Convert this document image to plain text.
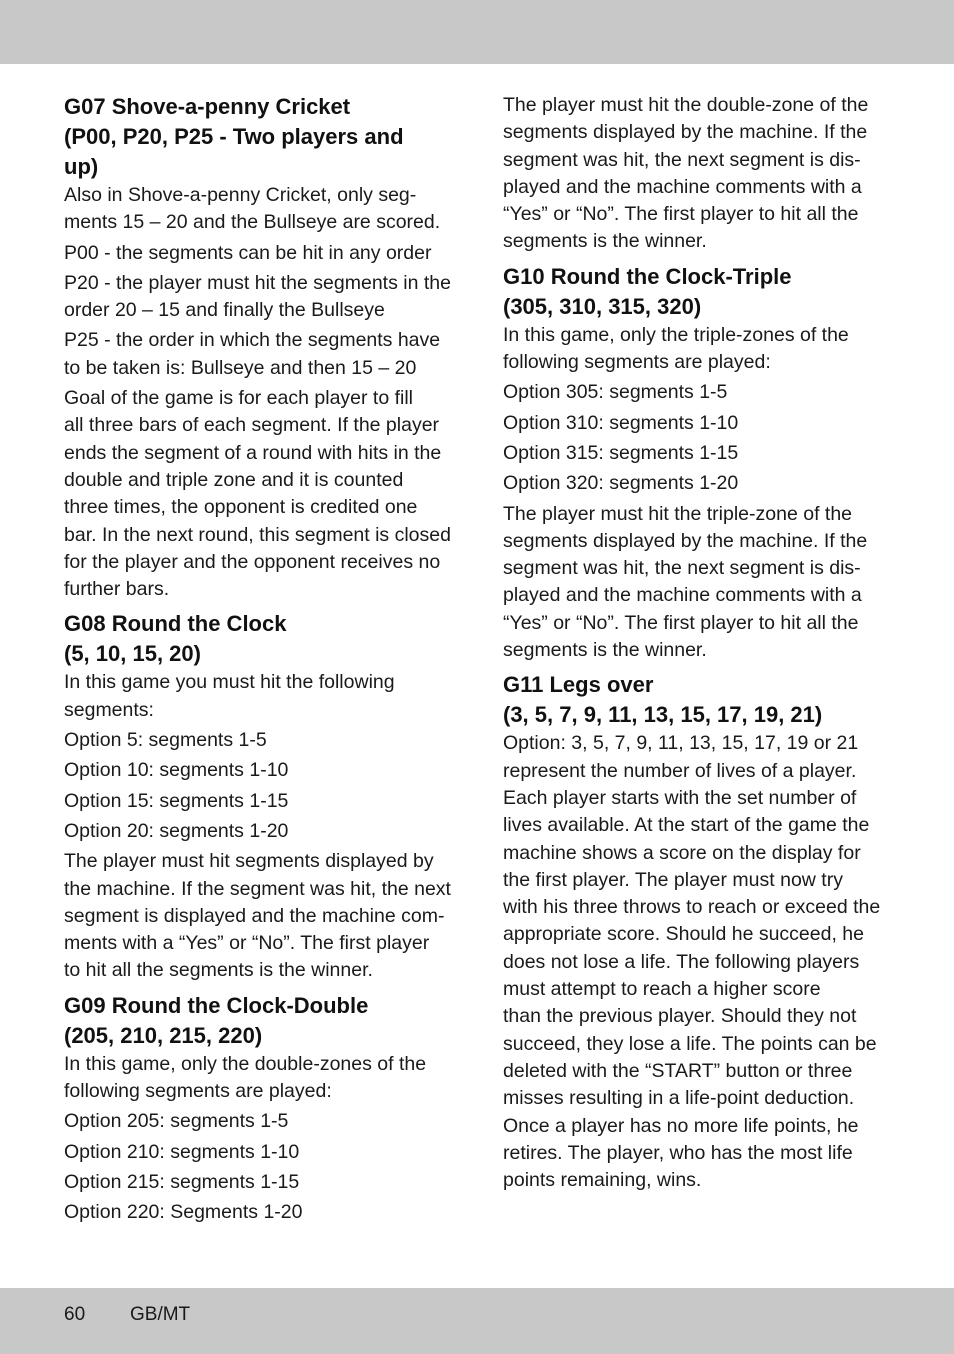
G07 Shove-a-penny Cricket
(P00, P20, P25 - Two players and
up)

Also in Shove-a-penny Cricket, only seg-
ments 15 – 20 and the Bullseye are scored.

P00 - the segments can be hit in any order

P20 - the player must hit the segments in the
order 20 – 15 and finally the Bullseye

P25 - the order in which the segments have
to be taken is: Bullseye and then 15 – 20

Goal of the game is for each player to fill
all three bars of each segment. If the player
ends the segment of a round with hits in the
double and triple zone and it is counted
three times, the opponent is credited one
bar. In the next round, this segment is closed
for the player and the opponent receives no
further bars.

G08 Round the Clock
(5, 10, 15, 20)

In this game you must hit the following
segments:

Option 5: segments 1-5

Option 10: segments 1-10

Option 15: segments 1-15

Option 20: segments 1-20

The player must hit segments displayed by
the machine. If the segment was hit, the next
segment is displayed and the machine com-
ments with a “Yes” or “No”. The first player
to hit all the segments is the winner.

G09 Round the Clock-Double
(205, 210, 215, 220)

In this game, only the double-zones of the
following segments are played:

Option 205: segments 1-5

Option 210: segments 1-10

Option 215: segments 1-15

Option 220: Segments 1-20

The player must hit the double-zone of the
segments displayed by the machine. If the
segment was hit, the next segment is dis-
played and the machine comments with a
“Yes” or “No”. The first player to hit all the
segments is the winner.

G10 Round the Clock-Triple
(305, 310, 315, 320)

In this game, only the triple-zones of the
following segments are played:

Option 305: segments 1-5

Option 310: segments 1-10

Option 315: segments 1-15

Option 320: segments 1-20

The player must hit the triple-zone of the
segments displayed by the machine. If the
segment was hit, the next segment is dis-
played and the machine comments with a
“Yes” or “No”. The first player to hit all the
segments is the winner.

G11 Legs over
(3, 5, 7, 9, 11, 13, 15, 17, 19, 21)

Option: 3, 5, 7, 9, 11, 13, 15, 17, 19 or 21
represent the number of lives of a player.
Each player starts with the set number of
lives available. At the start of the game the
machine shows a score on the display for
the first player. The player must now try
with his three throws to reach or exceed the
appropriate score. Should he succeed, he
does not lose a life. The following players
must attempt to reach a higher score
than the previous player. Should they not
succeed, they lose a life. The points can be
deleted with the “START” button or three
misses resulting in a life-point deduction.
Once a player has no more life points, he
retires. The player, who has the most life
points remaining, wins.

60 GB/MT
